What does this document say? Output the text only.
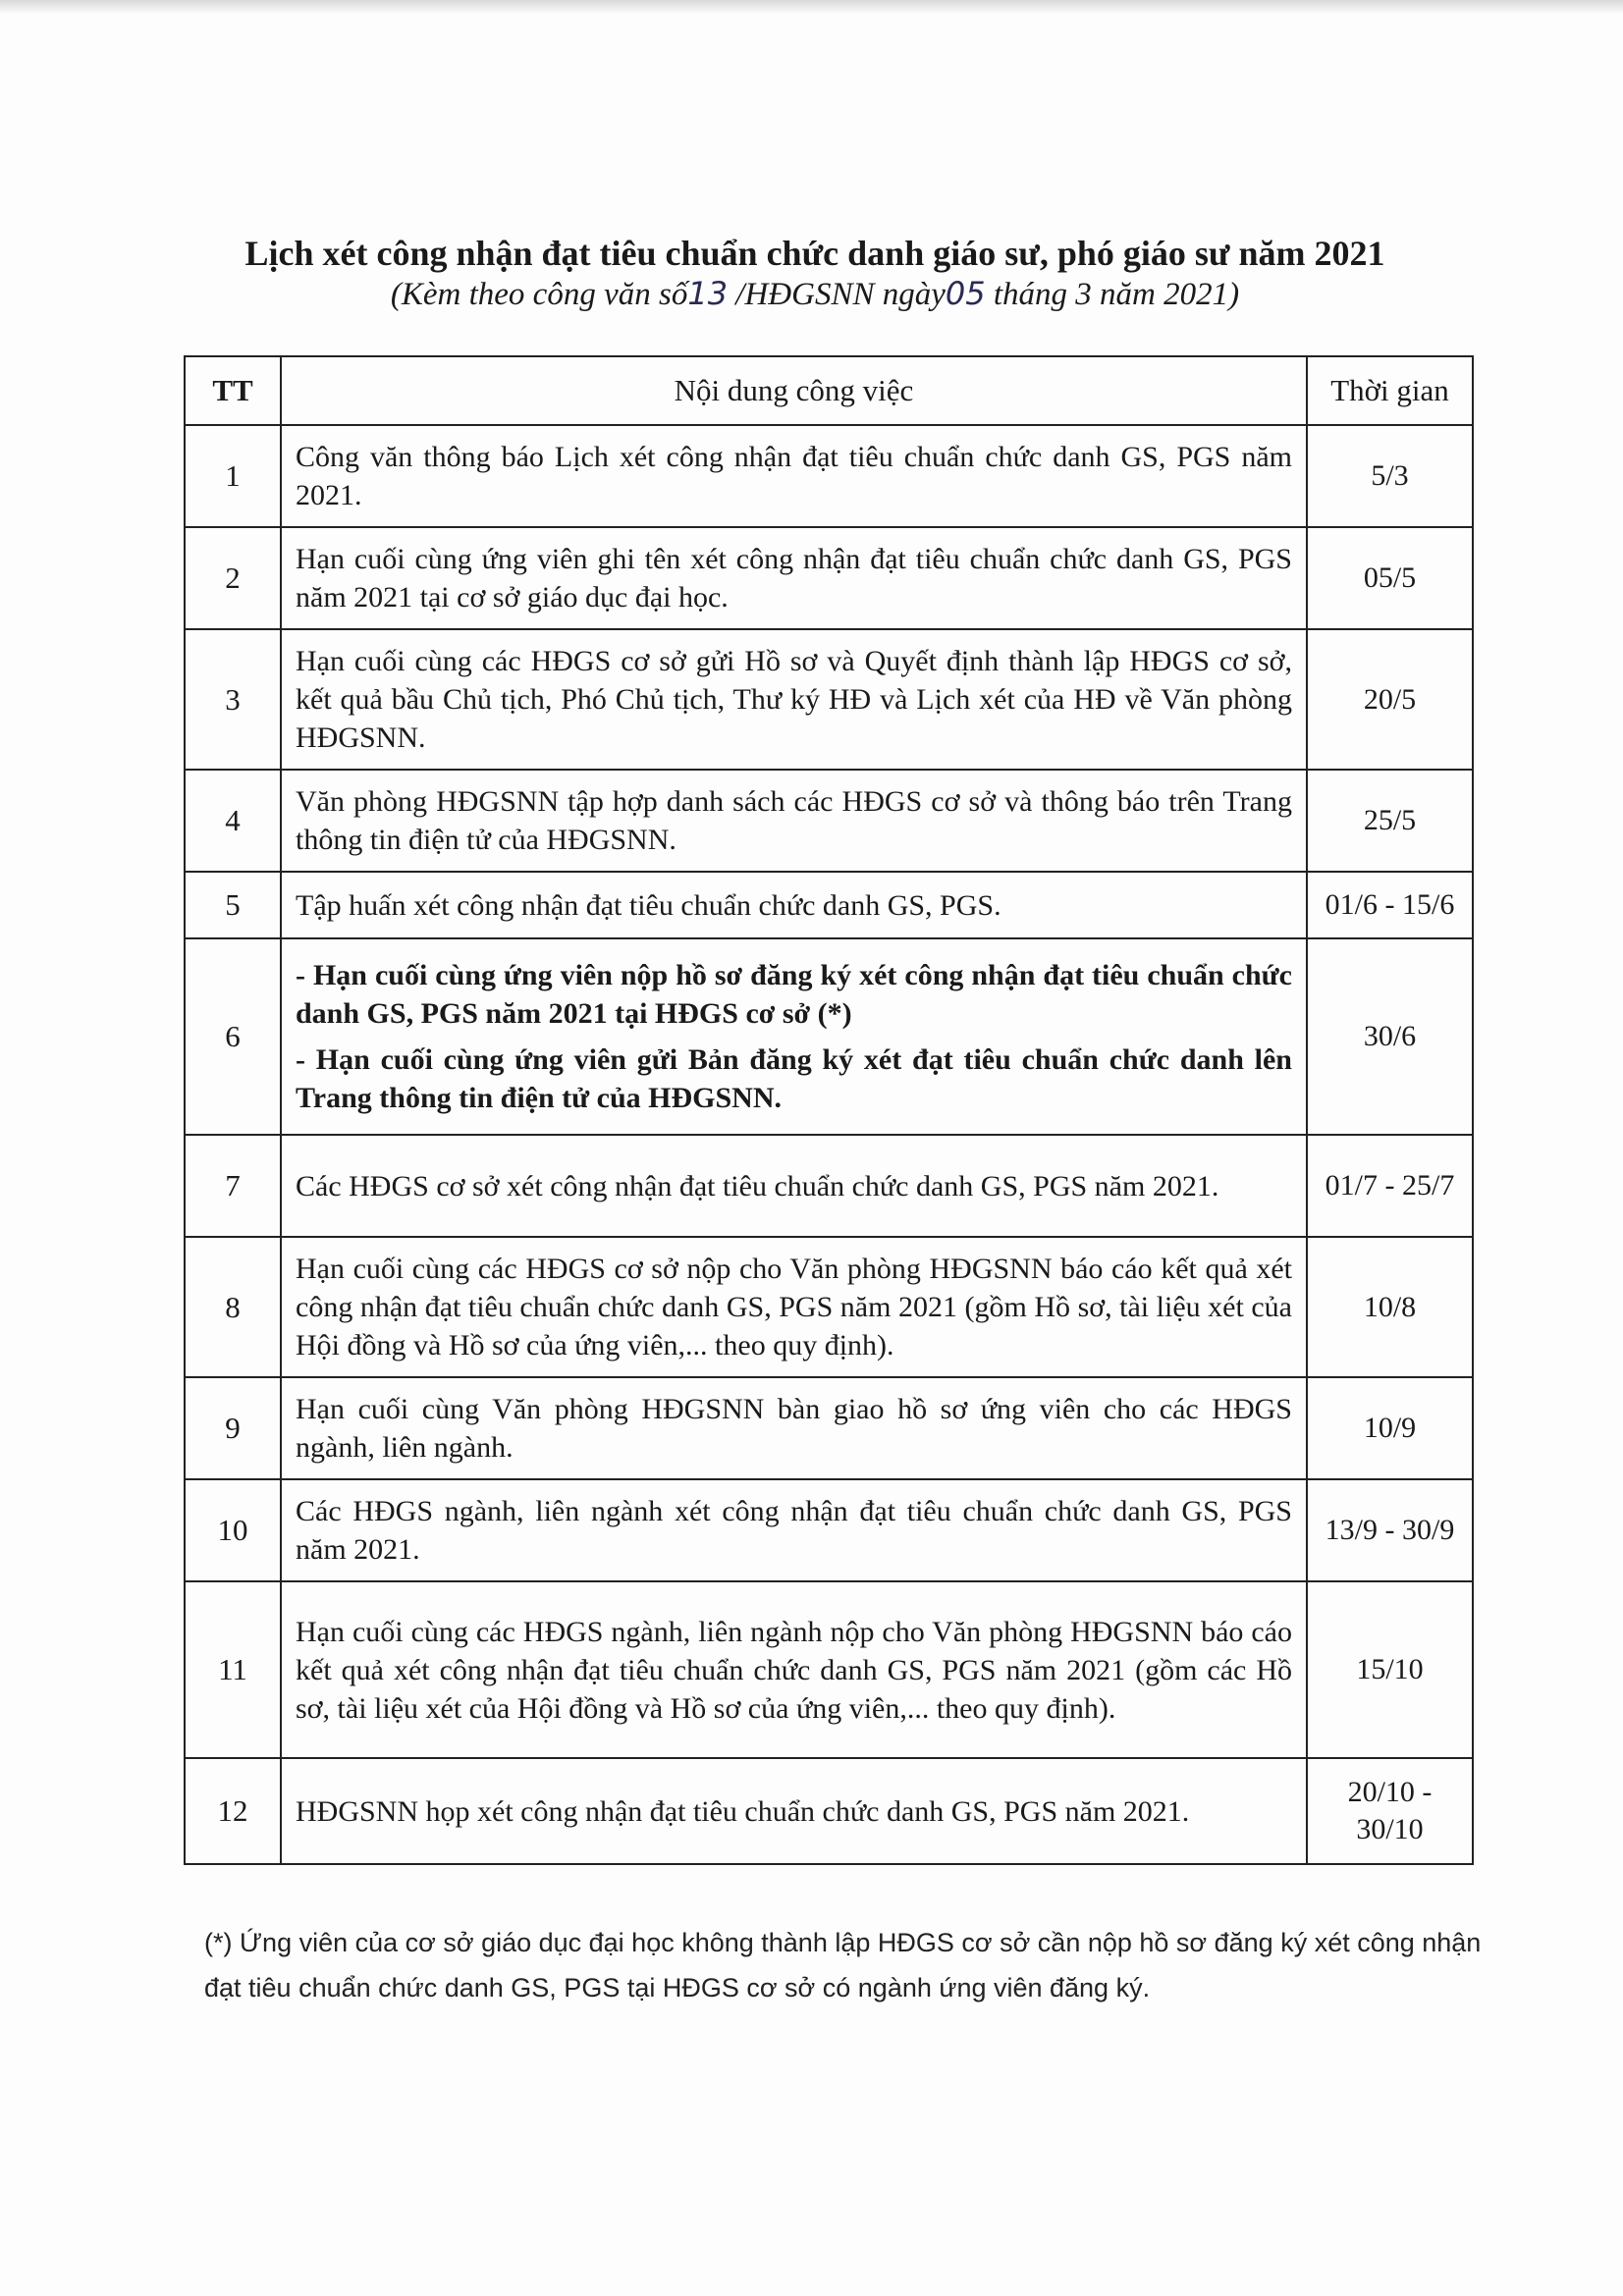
Lịch xét công nhận đạt tiêu chuẩn chức danh giáo sư, phó giáo sư năm 2021
(Kèm theo công văn số13 /HĐGSNN ngày05 tháng 3 năm 2021)
TT	Nội dung công việc	Thời gian
1	Công văn thông báo Lịch xét công nhận đạt tiêu chuẩn chức danh GS, PGS năm 2021.	5/3
2	Hạn cuối cùng ứng viên ghi tên xét công nhận đạt tiêu chuẩn chức danh GS, PGS năm 2021 tại cơ sở giáo dục đại học.	05/5
3	Hạn cuối cùng các HĐGS cơ sở gửi Hồ sơ và Quyết định thành lập HĐGS cơ sở, kết quả bầu Chủ tịch, Phó Chủ tịch, Thư ký HĐ và Lịch xét của HĐ về Văn phòng HĐGSNN.	20/5
4	Văn phòng HĐGSNN tập hợp danh sách các HĐGS cơ sở và thông báo trên Trang thông tin điện tử của HĐGSNN.	25/5
5	Tập huấn xét công nhận đạt tiêu chuẩn chức danh GS, PGS.	01/6 - 15/6
6	- Hạn cuối cùng ứng viên nộp hồ sơ đăng ký xét công nhận đạt tiêu chuẩn chức danh GS, PGS năm 2021 tại HĐGS cơ sở (*)

- Hạn cuối cùng ứng viên gửi Bản đăng ký xét đạt tiêu chuẩn chức danh lên Trang thông tin điện tử của HĐGSNN.	30/6
7	Các HĐGS cơ sở xét công nhận đạt tiêu chuẩn chức danh GS, PGS năm 2021.	01/7 - 25/7
8	Hạn cuối cùng các HĐGS cơ sở nộp cho Văn phòng HĐGSNN báo cáo kết quả xét công nhận đạt tiêu chuẩn chức danh GS, PGS năm 2021 (gồm Hồ sơ, tài liệu xét của Hội đồng và Hồ sơ của ứng viên,... theo quy định).	10/8
9	Hạn cuối cùng Văn phòng HĐGSNN bàn giao hồ sơ ứng viên cho các HĐGS ngành, liên ngành.	10/9
10	Các HĐGS ngành, liên ngành xét công nhận đạt tiêu chuẩn chức danh GS, PGS năm 2021.	13/9 - 30/9
11	Hạn cuối cùng các HĐGS ngành, liên ngành nộp cho Văn phòng HĐGSNN báo cáo kết quả xét công nhận đạt tiêu chuẩn chức danh GS, PGS năm 2021 (gồm các Hồ sơ, tài liệu xét của Hội đồng và Hồ sơ của ứng viên,... theo quy định).	15/10
12	HĐGSNN họp xét công nhận đạt tiêu chuẩn chức danh GS, PGS năm 2021.	20/10 - 30/10
(*) Ứng viên của cơ sở giáo dục đại học không thành lập HĐGS cơ sở cần nộp hồ sơ đăng ký xét công nhận đạt tiêu chuẩn chức danh GS, PGS tại HĐGS cơ sở có ngành ứng viên đăng ký.
